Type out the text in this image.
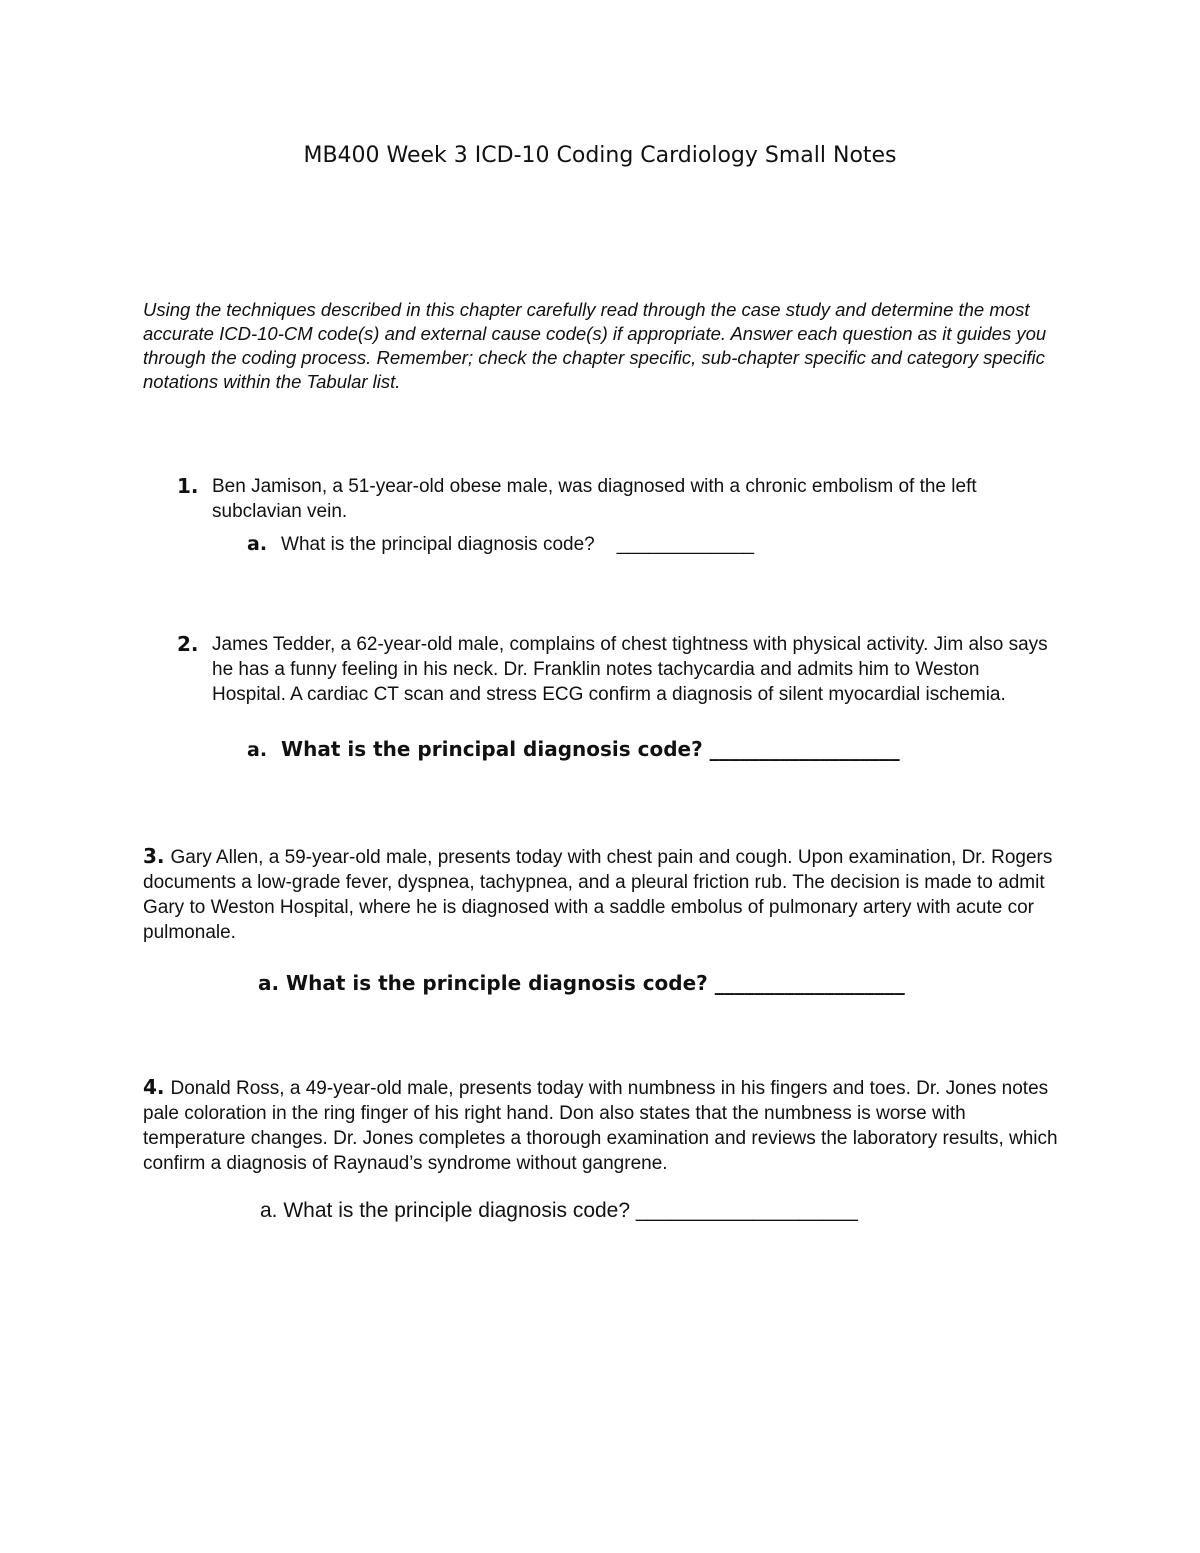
MB400 Week 3 ICD-10 Coding Cardiology Small Notes
Using the techniques described in this chapter carefully read through the case study and determine the most accurate ICD-10-CM code(s) and external cause code(s) if appropriate. Answer each question as it guides you through the coding process. Remember; check the chapter specific, sub-chapter specific and category specific notations within the Tabular list.
1. Ben Jamison, a 51-year-old obese male, was diagnosed with a chronic embolism of the left subclavian vein.
a. What is the principal diagnosis code? _____________
2. James Tedder, a 62-year-old male, complains of chest tightness with physical activity. Jim also says he has a funny feeling in his neck. Dr. Franklin notes tachycardia and admits him to Weston Hospital. A cardiac CT scan and stress ECG confirm a diagnosis of silent myocardial ischemia.
a. What is the principal diagnosis code? ___________________
3. Gary Allen, a 59-year-old male, presents today with chest pain and cough. Upon examination, Dr. Rogers documents a low-grade fever, dyspnea, tachypnea, and a pleural friction rub. The decision is made to admit Gary to Weston Hospital, where he is diagnosed with a saddle embolus of pulmonary artery with acute cor pulmonale.
a. What is the principle diagnosis code? ___________________
4. Donald Ross, a 49-year-old male, presents today with numbness in his fingers and toes. Dr. Jones notes pale coloration in the ring finger of his right hand. Don also states that the numbness is worse with temperature changes. Dr. Jones completes a thorough examination and reviews the laboratory results, which confirm a diagnosis of Raynaud’s syndrome without gangrene.
a. What is the principle diagnosis code? ___________________
